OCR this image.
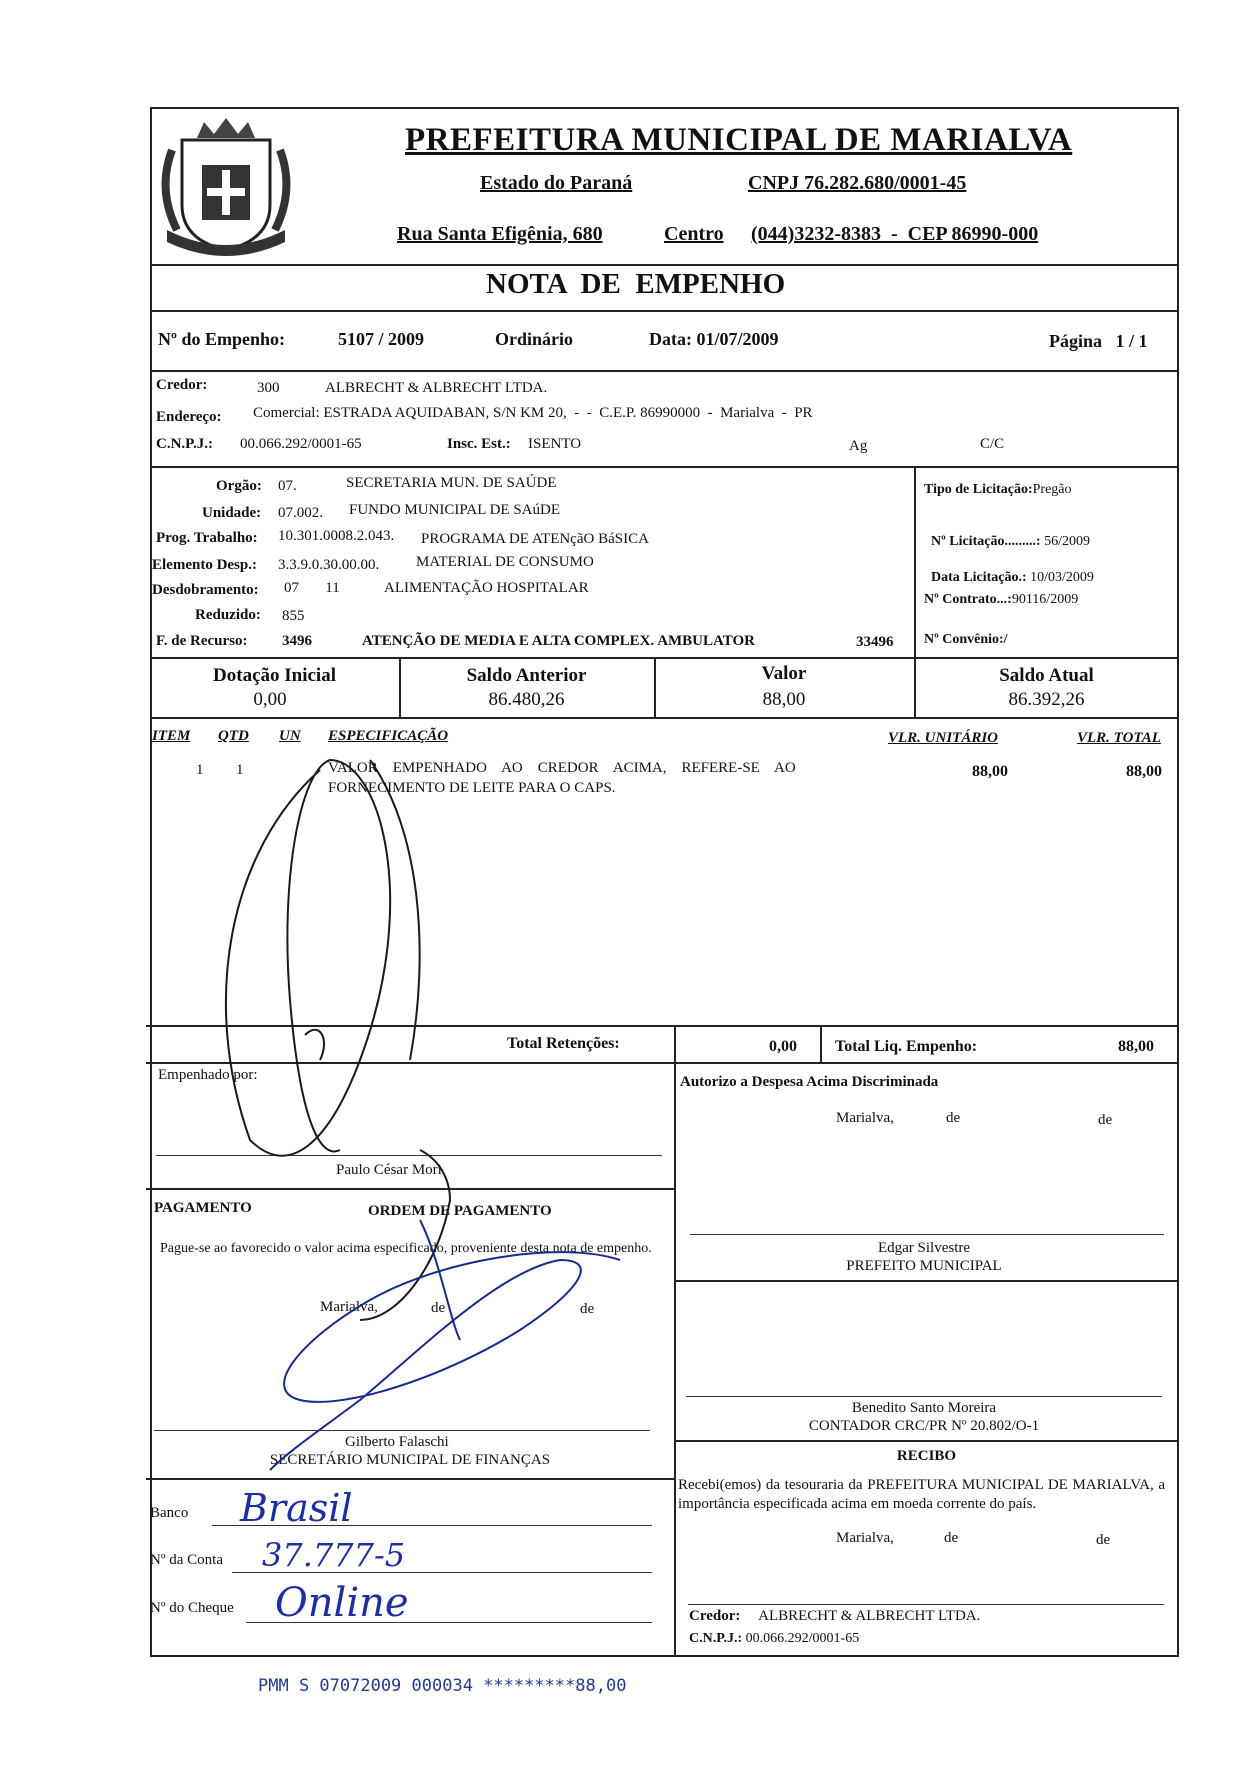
PREFEITURA MUNICIPAL DE MARIALVA
Estado do Paraná	CNPJ 76.282.680/0001-45
Rua Santa Efigênia, 680	Centro (044)3232-8383  -  CEP 86990-000
NOTA  DE  EMPENHO
Nº do Empenho:	5107 / 2009	Ordinário	Data: 01/07/2009	Página   1 / 1
Credor:	300	ALBRECHT & ALBRECHT LTDA.
Endereço: Comercial: ESTRADA AQUIDABAN, S/N KM 20,  -  -  C.E.P. 86990000  -  Marialva  -  PR
C.N.P.J.: 00.066.292/0001-65	Insc. Est.: ISENTO	Ag	C/C
Orgão: 07.	SECRETARIA MUN. DE SAÚDE
Unidade: 07.002. FUNDO MUNICIPAL DE SAúDE
Prog. Trabalho: 10.301.0008.2.043. PROGRAMA DE ATENçãO BáSICA
Elemento Desp.: 3.3.9.0.30.00.00. MATERIAL DE CONSUMO
Desdobramento: 07       11	ALIMENTAÇÃO HOSPITALAR
Reduzido: 855
F. de Recurso: 3496	ATENÇÃO DE MEDIA E ALTA COMPLEX. AMBULATOR	33496
Tipo de Licitação:Pregão

Nº Licitação.........: 56/2009

Data Licitação.: 10/03/2009

Nº Contrato...:90116/2009
Nº Convênio:/
Dotação Inicial
0,00
Saldo Anterior
86.480,26
Valor
88,00
Saldo Atual
86.392,26
ITEM QTD UN ESPECIFICAÇÃO	VLR. UNITÁRIO	VLR. TOTAL
1 1	VALOR    EMPENHADO    AO    CREDOR    ACIMA,    REFERE-SE    AO
FORNECIMENTO DE LEITE PARA O CAPS.
88,00	88,00
Total Retenções:	0,00 Total Liq. Empenho:	88,00
Empenhado por:
Paulo César Mori
Autorizo a Despesa Acima Discriminada
Marialva,	de	de
Edgar Silvestre
PREFEITO MUNICIPAL
Benedito Santo Moreira
CONTADOR CRC/PR Nº 20.802/O-1
PAGAMENTO	ORDEM DE PAGAMENTO
Pague-se ao favorecido o valor acima especificado, proveniente desta nota de empenho.
Marialva,	de	de
Gilberto Falaschi
SECRETÁRIO MUNICIPAL DE FINANÇAS
Banco Brasil
Nº da Conta 37.777-5
Nº do Cheque Online
RECIBO
Recebi(emos) da tesouraria da PREFEITURA MUNICIPAL DE MARIALVA, a importância especificada acima em moeda corrente do país.
Marialva,	de	de
Credor: ALBRECHT & ALBRECHT LTDA.
C.N.P.J.: 00.066.292/0001-65
PMM S 07072009 000034 *********88,00
